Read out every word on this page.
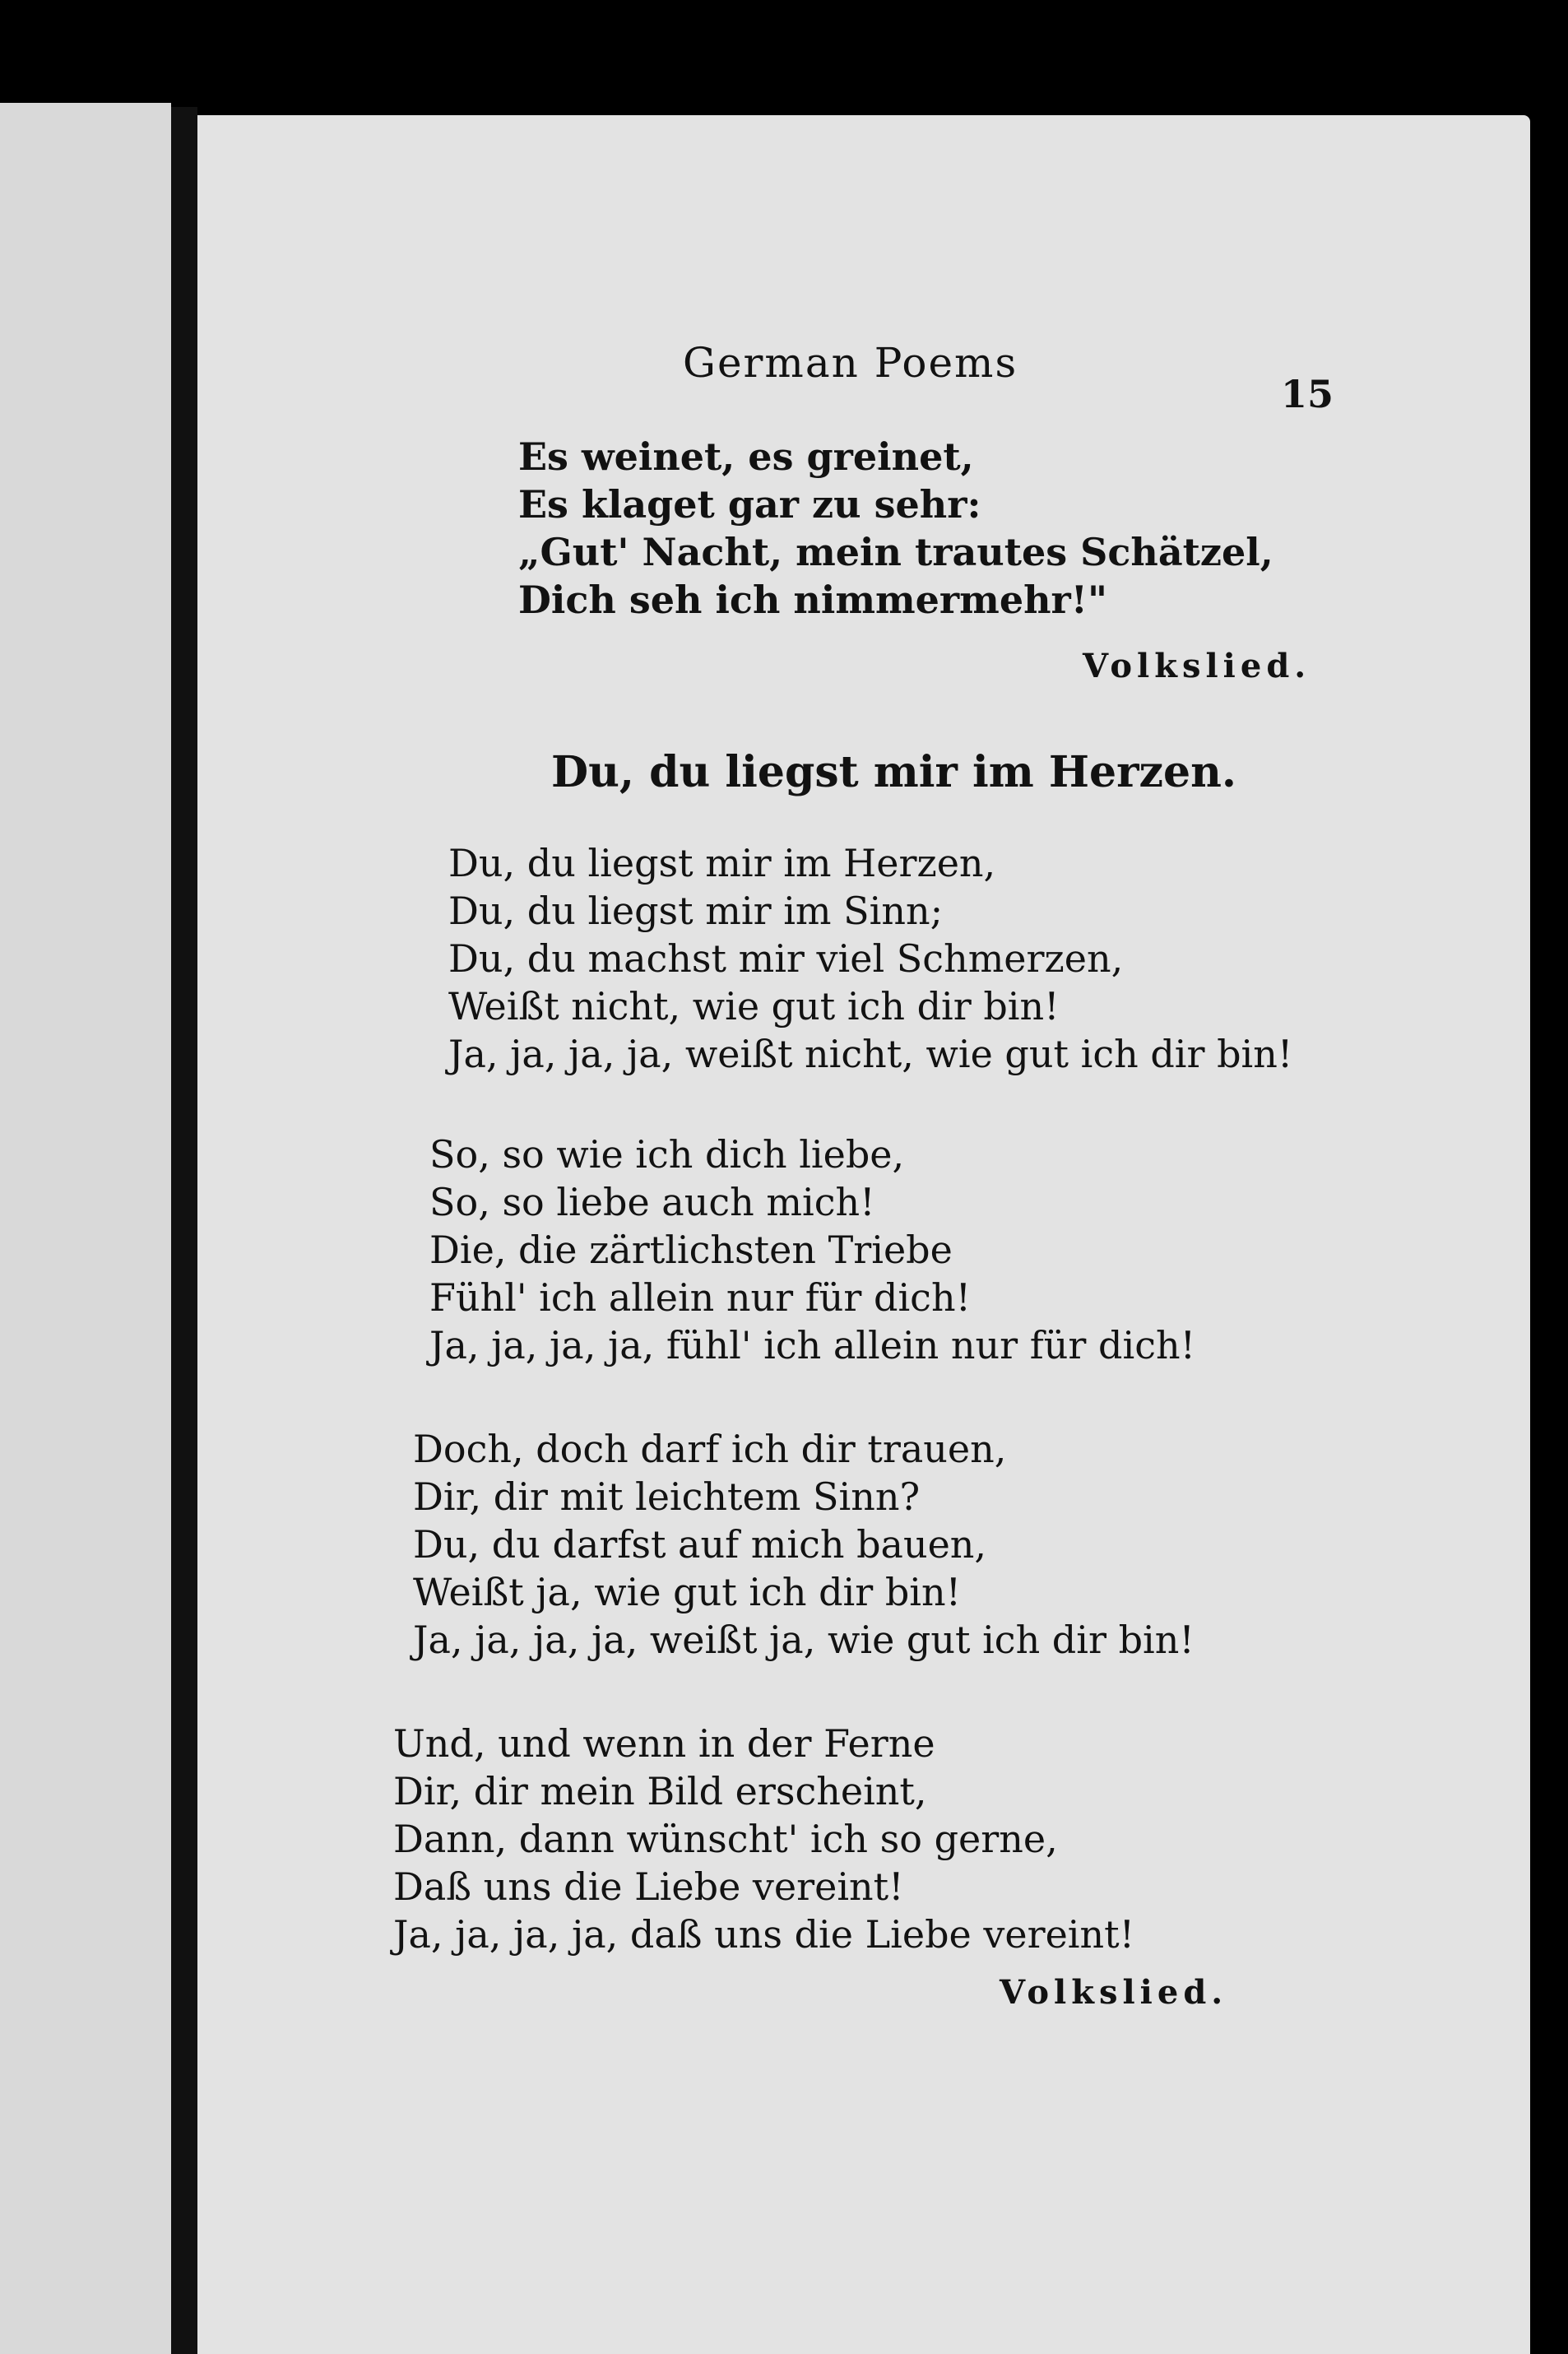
German Poems
15
Es weinet, es greinet,
Es klaget gar zu sehr:
„Gut' Nacht, mein trautes Schätzel,
Dich seh ich nimmermehr!"
Volkslied.
Du, du liegst mir im Herzen.
Du, du liegst mir im Herzen,
Du, du liegst mir im Sinn;
Du, du machst mir viel Schmerzen,
Weißt nicht, wie gut ich dir bin!
Ja, ja, ja, ja, weißt nicht, wie gut ich dir bin!
So, so wie ich dich liebe,
So, so liebe auch mich!
Die, die zärtlichsten Triebe
Fühl' ich allein nur für dich!
Ja, ja, ja, ja, fühl' ich allein nur für dich!
Doch, doch darf ich dir trauen,
Dir, dir mit leichtem Sinn?
Du, du darfst auf mich bauen,
Weißt ja, wie gut ich dir bin!
Ja, ja, ja, ja, weißt ja, wie gut ich dir bin!
Und, und wenn in der Ferne
Dir, dir mein Bild erscheint,
Dann, dann wünscht' ich so gerne,
Daß uns die Liebe vereint!
Ja, ja, ja, ja, daß uns die Liebe vereint!
Volkslied.
